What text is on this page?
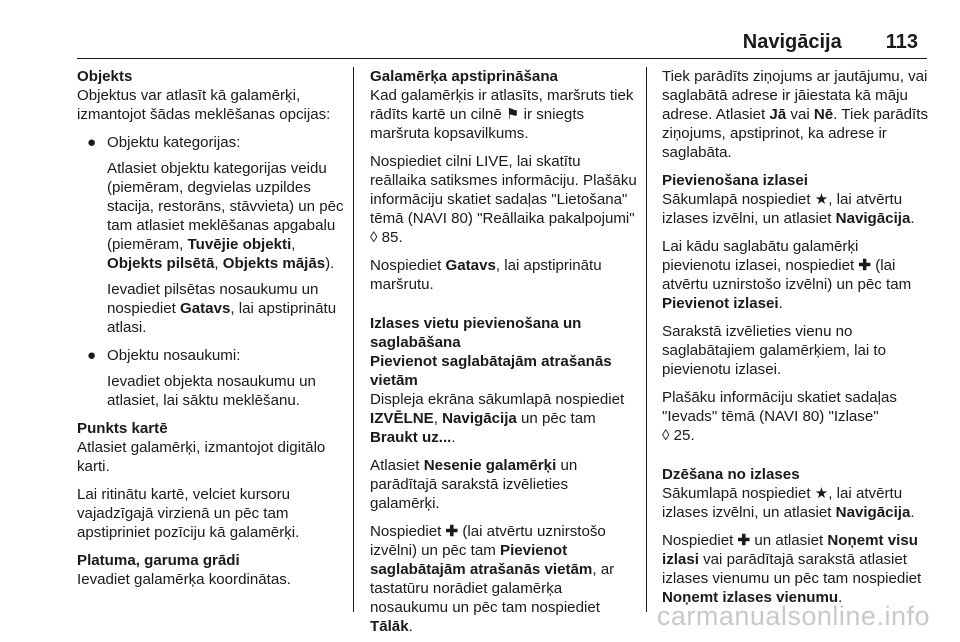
Navigācija 113

Objekts

Objektus var atlasīt kā galamērķi, izmantojot šādas meklēšanas opcijas:

● Objektu kategorijas:
Atlasiet objektu kategorijas veidu (piemēram, degvielas uzpildes stacija, restorāns, stāvvieta) un pēc tam atlasiet meklēšanas apgabalu (piemēram, Tuvējie objekti, Objekts pilsētā, Objekts mājās).
Ievadiet pilsētas nosaukumu un nospiediet Gatavs, lai apstiprinātu atlasi.
● Objektu nosaukumi:
Ievadiet objekta nosaukumu un atlasiet, lai sāktu meklēšanu.

Punkts kartē

Atlasiet galamērķi, izmantojot digitālo karti.

Lai ritinātu kartē, velciet kursoru vajadzīgajā virzienā un pēc tam apstipriniet pozīciju kā galamērķi.

Platuma, garuma grādi

Ievadiet galamērķa koordinātas.

Galamērķa apstiprināšana

Kad galamērķis ir atlasīts, maršruts tiek rādīts kartē un cilnē ⚑ ir sniegts maršruta kopsavilkums.

Nospiediet cilni LIVE, lai skatītu reāllaika satiksmes informāciju. Plašāku informāciju skatiet sadaļas "Lietošana" tēmā (NAVI 80) "Reāllaika pakalpojumi" ◊ 85.

Nospiediet Gatavs, lai apstiprinātu maršrutu.

Izlases vietu pievienošana un saglabāšana

Pievienot saglabātajām atrašanās vietām

Displeja ekrāna sākumlapā nospiediet IZVĒLNE, Navigācija un pēc tam Braukt uz....

Atlasiet Nesenie galamērķi un parādītajā sarakstā izvēlieties galamērķi.

Nospiediet ✚ (lai atvērtu uznirstošo izvēlni) un pēc tam Pievienot saglabātajām atrašanās vietām, ar tastatūru norādiet galamērķa nosaukumu un pēc tam nospiediet Tālāk.

Tiek parādīts ziņojums ar jautājumu, vai saglabātā adrese ir jāiestata kā māju adrese. Atlasiet Jā vai Nē. Tiek parādīts ziņojums, apstiprinot, ka adrese ir saglabāta.

Pievienošana izlasei

Sākumlapā nospiediet ★, lai atvērtu izlases izvēlni, un atlasiet Navigācija.

Lai kādu saglabātu galamērķi pievienotu izlasei, nospiediet ✚ (lai atvērtu uznirstošo izvēlni) un pēc tam Pievienot izlasei.

Sarakstā izvēlieties vienu no saglabātajiem galamērķiem, lai to pievienotu izlasei.

Plašāku informāciju skatiet sadaļas "Ievads" tēmā (NAVI 80) "Izlase"
◊ 25.

Dzēšana no izlases

Sākumlapā nospiediet ★, lai atvērtu izlases izvēlni, un atlasiet Navigācija.

Nospiediet ✚ un atlasiet Noņemt visu izlasi vai parādītajā sarakstā atlasiet izlases vienumu un pēc tam nospiediet Noņemt izlases vienumu.

carmanualsonline.info
